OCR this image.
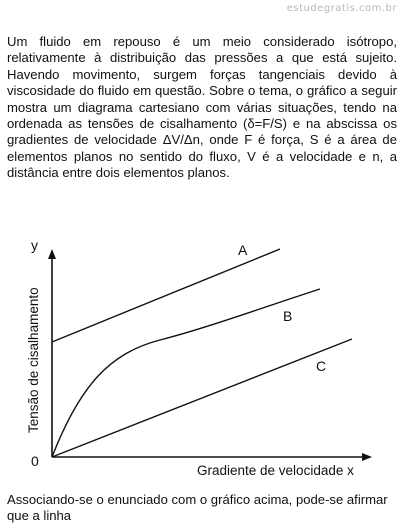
estudegratis.com.br

Um fluido em repouso é um meio considerado isótropo, relativamente à distribuição das pressões a que está sujeito. Havendo movimento, surgem forças tangenciais devido à viscosidade do fluido em questão. Sobre o tema, o gráfico a seguir mostra um diagrama cartesiano com várias situações, tendo na ordenada as tensões de cisalhamento (δ=F/S) e na abscissa os gradientes de velocidade ΔV/Δn, onde F é força, S é a área de elementos planos no sentido do fluxo, V é a velocidade e n, a distância entre dois elementos planos.

y
Tensão de cisalhamento
0
Gradiente de velocidade x
A
B
C

Associando-se o enunciado com o gráfico acima, pode-se afirmar que a linha
